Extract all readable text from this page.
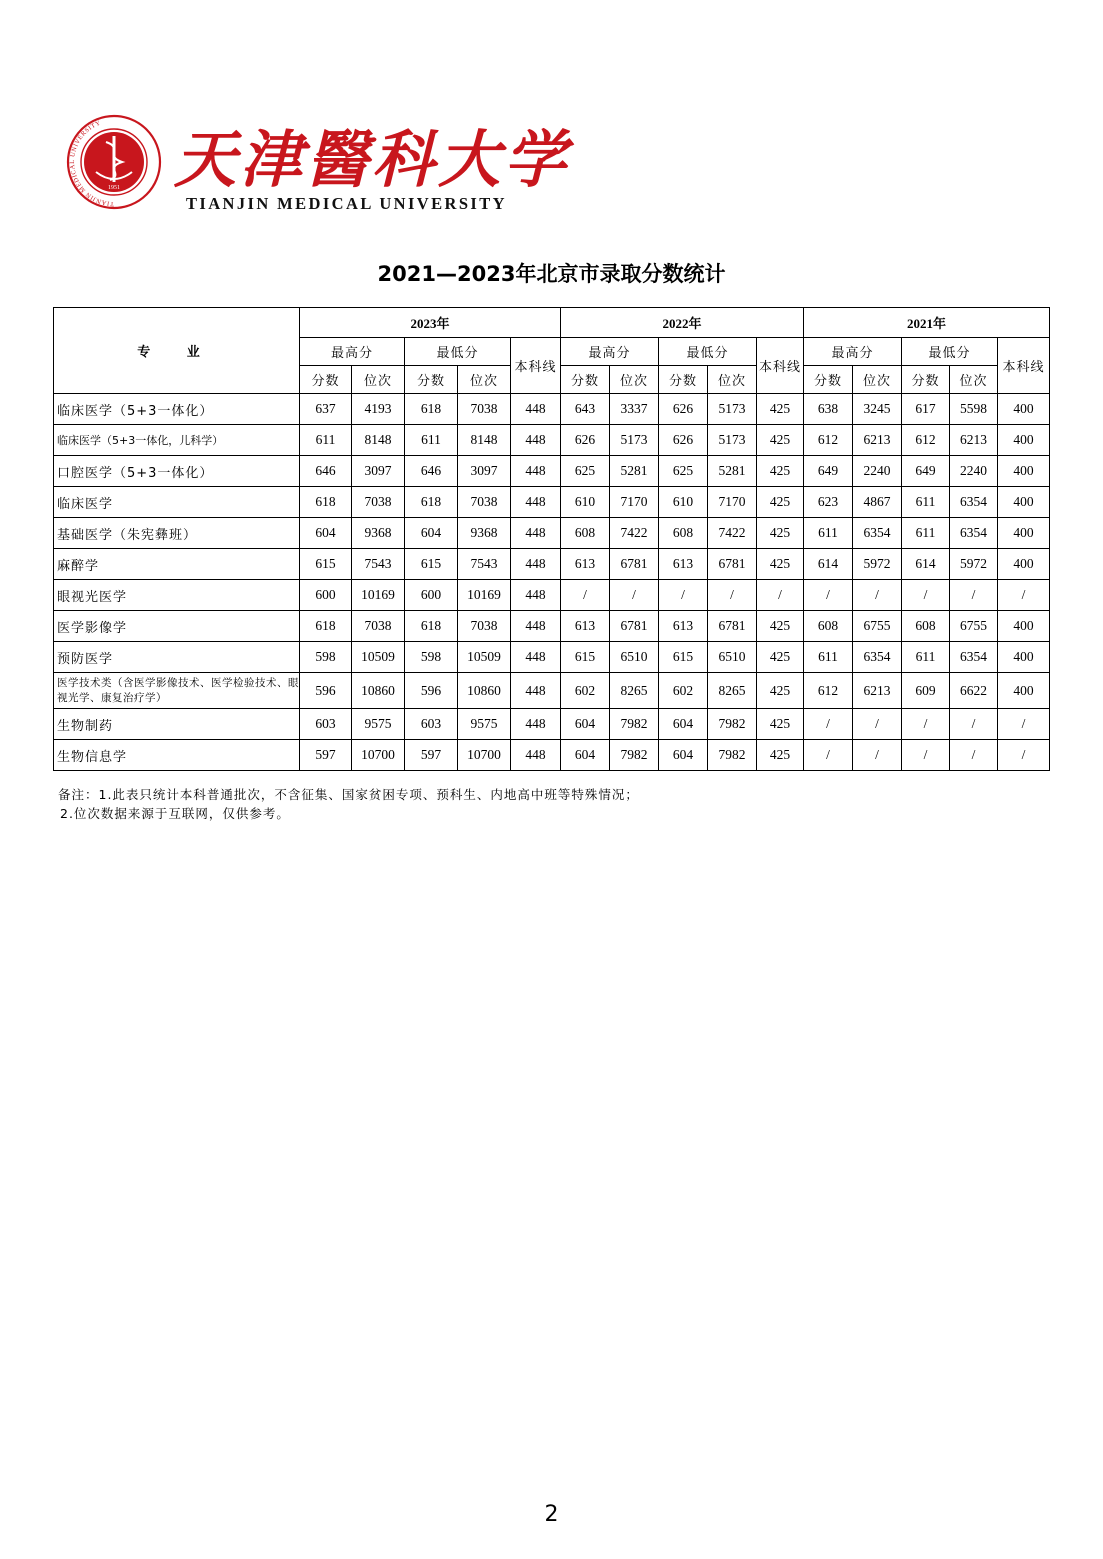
TIANJIN MEDICAL UNIVERSITY
1951 天津醫科大学
TIANJIN MEDICAL UNIVERSITY
2021—2023年北京市录取分数统计
专 业	2023年					2022年					2021年				
	最高分		最低分		本科线	最高分		最低分		本科线	最高分		最低分		本科线
	分数	位次	分数	位次		分数	位次	分数	位次		分数	位次	分数	位次	
临床医学（5+3一体化）	637	4193	618	7038	448	643	3337	626	5173	425	638	3245	617	5598	400
临床医学（5+3一体化，儿科学）	611	8148	611	8148	448	626	5173	626	5173	425	612	6213	612	6213	400
口腔医学（5+3一体化）	646	3097	646	3097	448	625	5281	625	5281	425	649	2240	649	2240	400
临床医学	618	7038	618	7038	448	610	7170	610	7170	425	623	4867	611	6354	400
基础医学（朱宪彝班）	604	9368	604	9368	448	608	7422	608	7422	425	611	6354	611	6354	400
麻醉学	615	7543	615	7543	448	613	6781	613	6781	425	614	5972	614	5972	400
眼视光医学	600	10169	600	10169	448	/	/	/	/	/	/	/	/	/	/
医学影像学	618	7038	618	7038	448	613	6781	613	6781	425	608	6755	608	6755	400
预防医学	598	10509	598	10509	448	615	6510	615	6510	425	611	6354	611	6354	400
医学技术类（含医学影像技术、医学检验技术、眼视光学、康复治疗学）	596	10860	596	10860	448	602	8265	602	8265	425	612	6213	609	6622	400
生物制药	603	9575	603	9575	448	604	7982	604	7982	425	/	/	/	/	/
生物信息学	597	10700	597	10700	448	604	7982	604	7982	425	/	/	/	/	/
备注：1.此表只统计本科普通批次，不含征集、国家贫困专项、预科生、内地高中班等特殊情况；
2.位次数据来源于互联网，仅供参考。
2
